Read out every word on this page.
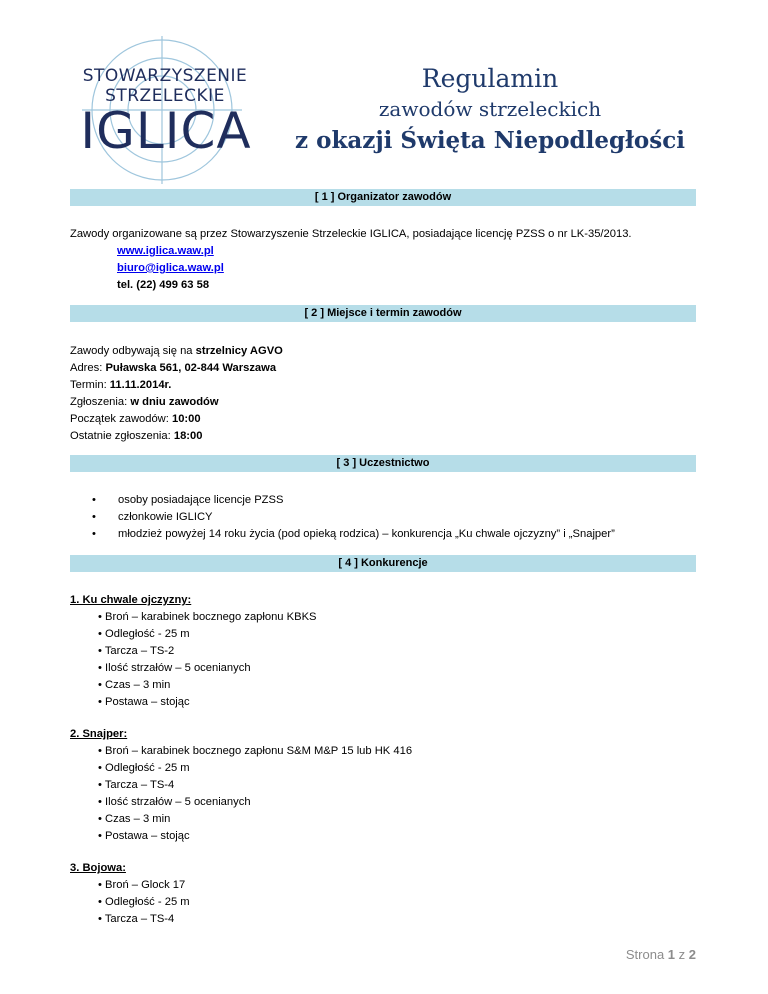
STOWARZYSZENIE
STRZELECKIE
IGLICA
Regulamin
zawodów strzeleckich
z okazji Święta Niepodległości
[ 1 ] Organizator zawodów
Zawody organizowane są przez Stowarzyszenie Strzeleckie IGLICA, posiadające licencję PZSS o nr LK-35/2013.
www.iglica.waw.pl
biuro@iglica.waw.pl
tel. (22) 499 63 58
[ 2 ] Miejsce i termin zawodów
Zawody odbywają się na strzelnicy AGVO
Adres: Puławska 561, 02-844 Warszawa
Termin: 11.11.2014r.
Zgłoszenia: w dniu zawodów
Początek zawodów: 10:00
Ostatnie zgłoszenia: 18:00
[ 3 ] Uczestnictwo
• osoby posiadające licencje PZSS
• członkowie IGLICY
• młodzież powyżej 14 roku życia (pod opieką rodzica) – konkurencja „Ku chwale ojczyzny” i „Snajper”
[ 4 ] Konkurencje
1. Ku chwale ojczyzny:
• Broń – karabinek bocznego zapłonu KBKS
• Odległość - 25 m
• Tarcza – TS-2
• Ilość strzałów – 5 ocenianych
• Czas – 3 min
• Postawa – stojąc
2. Snajper:
• Broń – karabinek bocznego zapłonu S&M M&P 15 lub HK 416
• Odległość - 25 m
• Tarcza – TS-4
• Ilość strzałów – 5 ocenianych
• Czas – 3 min
• Postawa – stojąc
3. Bojowa:
• Broń – Glock 17
• Odległość - 25 m
• Tarcza – TS-4
Strona 1 z 2
